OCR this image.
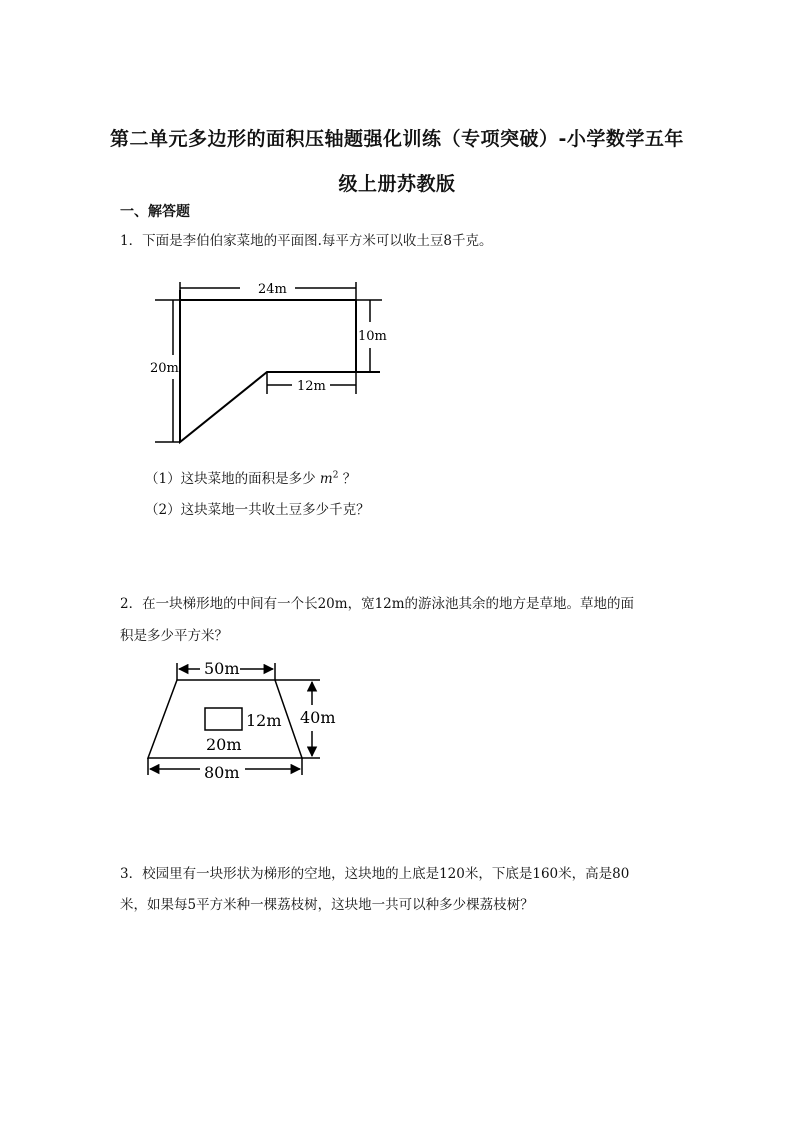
第二单元多边形的面积压轴题强化训练（专项突破）-小学数学五年
级上册苏教版
一、解答题
1．下面是李伯伯家菜地的平面图.每平方米可以收土豆8千克。
24m
10m
20m
12m
（1）这块菜地的面积是多少 $m^2$ ？
（2）这块菜地一共收土豆多少千克？
2．在一块梯形地的中间有一个长20m，宽12m的游泳池其余的地方是草地。草地的面
积是多少平方米？
50m
40m
12m
20m
80m
3．校园里有一块形状为梯形的空地，这块地的上底是120米，下底是160米，高是80
米，如果每5平方米种一棵荔枝树，这块地一共可以种多少棵荔枝树？
